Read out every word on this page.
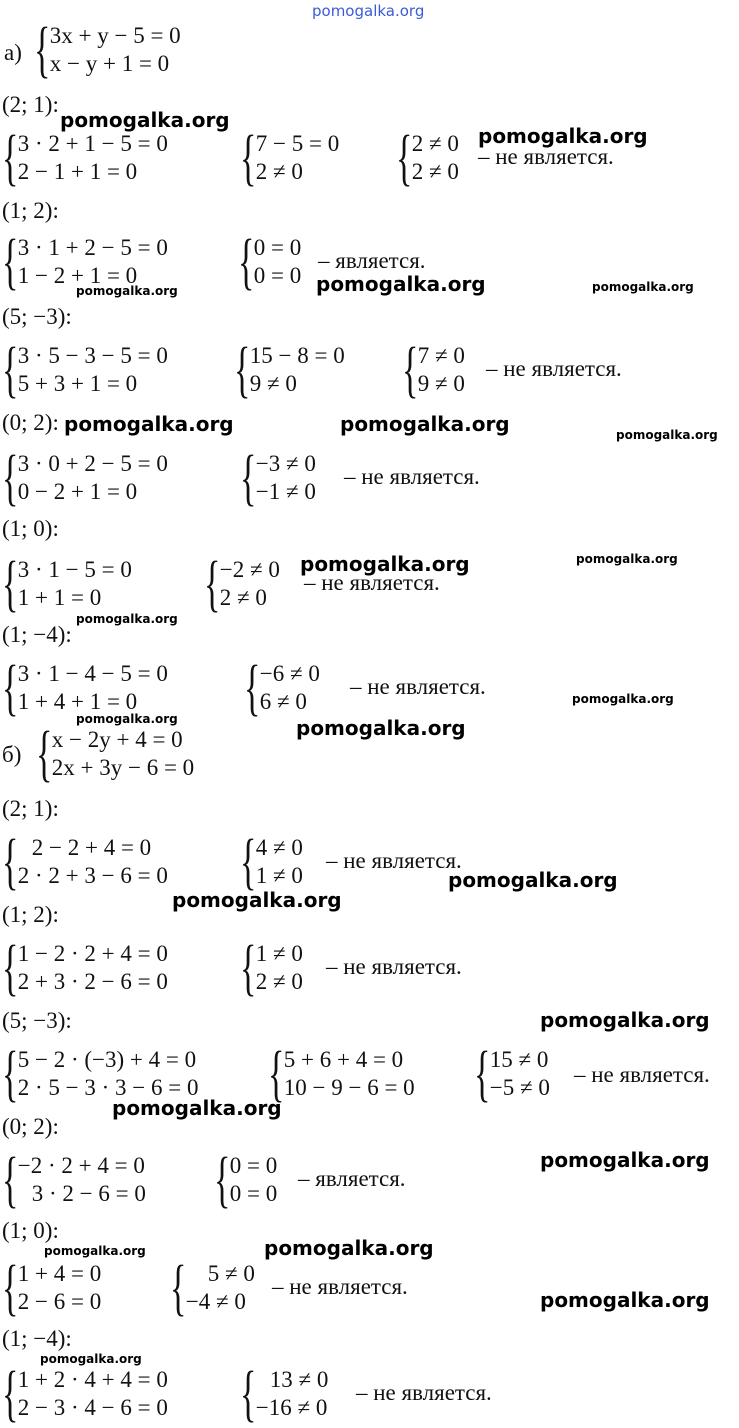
pomogalka.org
а) { 3x + y − 5 = 0
x − y + 1 = 0
(2; 1):
{ 3 · 2 + 1 − 5 = 0
2 − 1 + 1 = 0	{ 7 − 5 = 0
2 ≠ 0	{ 2 ≠ 0
2 ≠ 0
– не является.
(1; 2):
{ 3 · 1 + 2 − 5 = 0
1 − 2 + 1 = 0	{ 0 = 0
0 = 0
– является.
(5; −3):
{ 3 · 5 − 3 − 5 = 0
5 + 3 + 1 = 0	{ 15 − 8 = 0
9 ≠ 0	{ 7 ≠ 0
9 ≠ 0
– не является.
(0; 2):
{ 3 · 0 + 2 − 5 = 0
0 − 2 + 1 = 0	{ −3 ≠ 0
−1 ≠ 0
– не является.
(1; 0):
{ 3 · 1 − 5 = 0
1 + 1 = 0	{ −2 ≠ 0
2 ≠ 0
– не является.
(1; −4):
{ 3 · 1 − 4 − 5 = 0
1 + 4 + 1 = 0	{ −6 ≠ 0
6 ≠ 0
– не является.
б) { x − 2y + 4 = 0
2x + 3y − 6 = 0
(2; 1):
{ 2 − 2 + 4 = 0
2 · 2 + 3 − 6 = 0 { 4 ≠ 0
1 ≠ 0
– не является.
(1; 2):
{ 1 − 2 · 2 + 4 = 0
2 + 3 · 2 − 6 = 0 { 1 ≠ 0
2 ≠ 0
– не является.
(5; −3):
{ 5 − 2 · (−3) + 4 = 0
2 · 5 − 3 · 3 − 6 = 0 { 5 + 6 + 4 = 0
10 − 9 − 6 = 0 { 15 ≠ 0
−5 ≠ 0
– не является.
(0; 2):
{ −2 · 2 + 4 = 0
3 · 2 − 6 = 0 { 0 = 0
0 = 0
– является.
(1; 0):
{ 1 + 4 = 0
2 − 6 = 0 { 5 ≠ 0
−4 ≠ 0
– не является.
(1; −4):
{ 1 + 2 · 4 + 4 = 0
2 − 3 · 4 − 6 = 0 { 13 ≠ 0
−16 ≠ 0
– не является.
pomogalka.org
pomogalka.org
pomogalka.org	pomogalka.org	pomogalka.org
pomogalka.org	pomogalka.org	pomogalka.org
pomogalka.org	pomogalka.org
pomogalka.org
pomogalka.org
pomogalka.org
pomogalka.org
pomogalka.org
pomogalka.org
pomogalka.org
pomogalka.org
pomogalka.org
pomogalka.org	pomogalka.org
pomogalka.org
pomogalka.org
